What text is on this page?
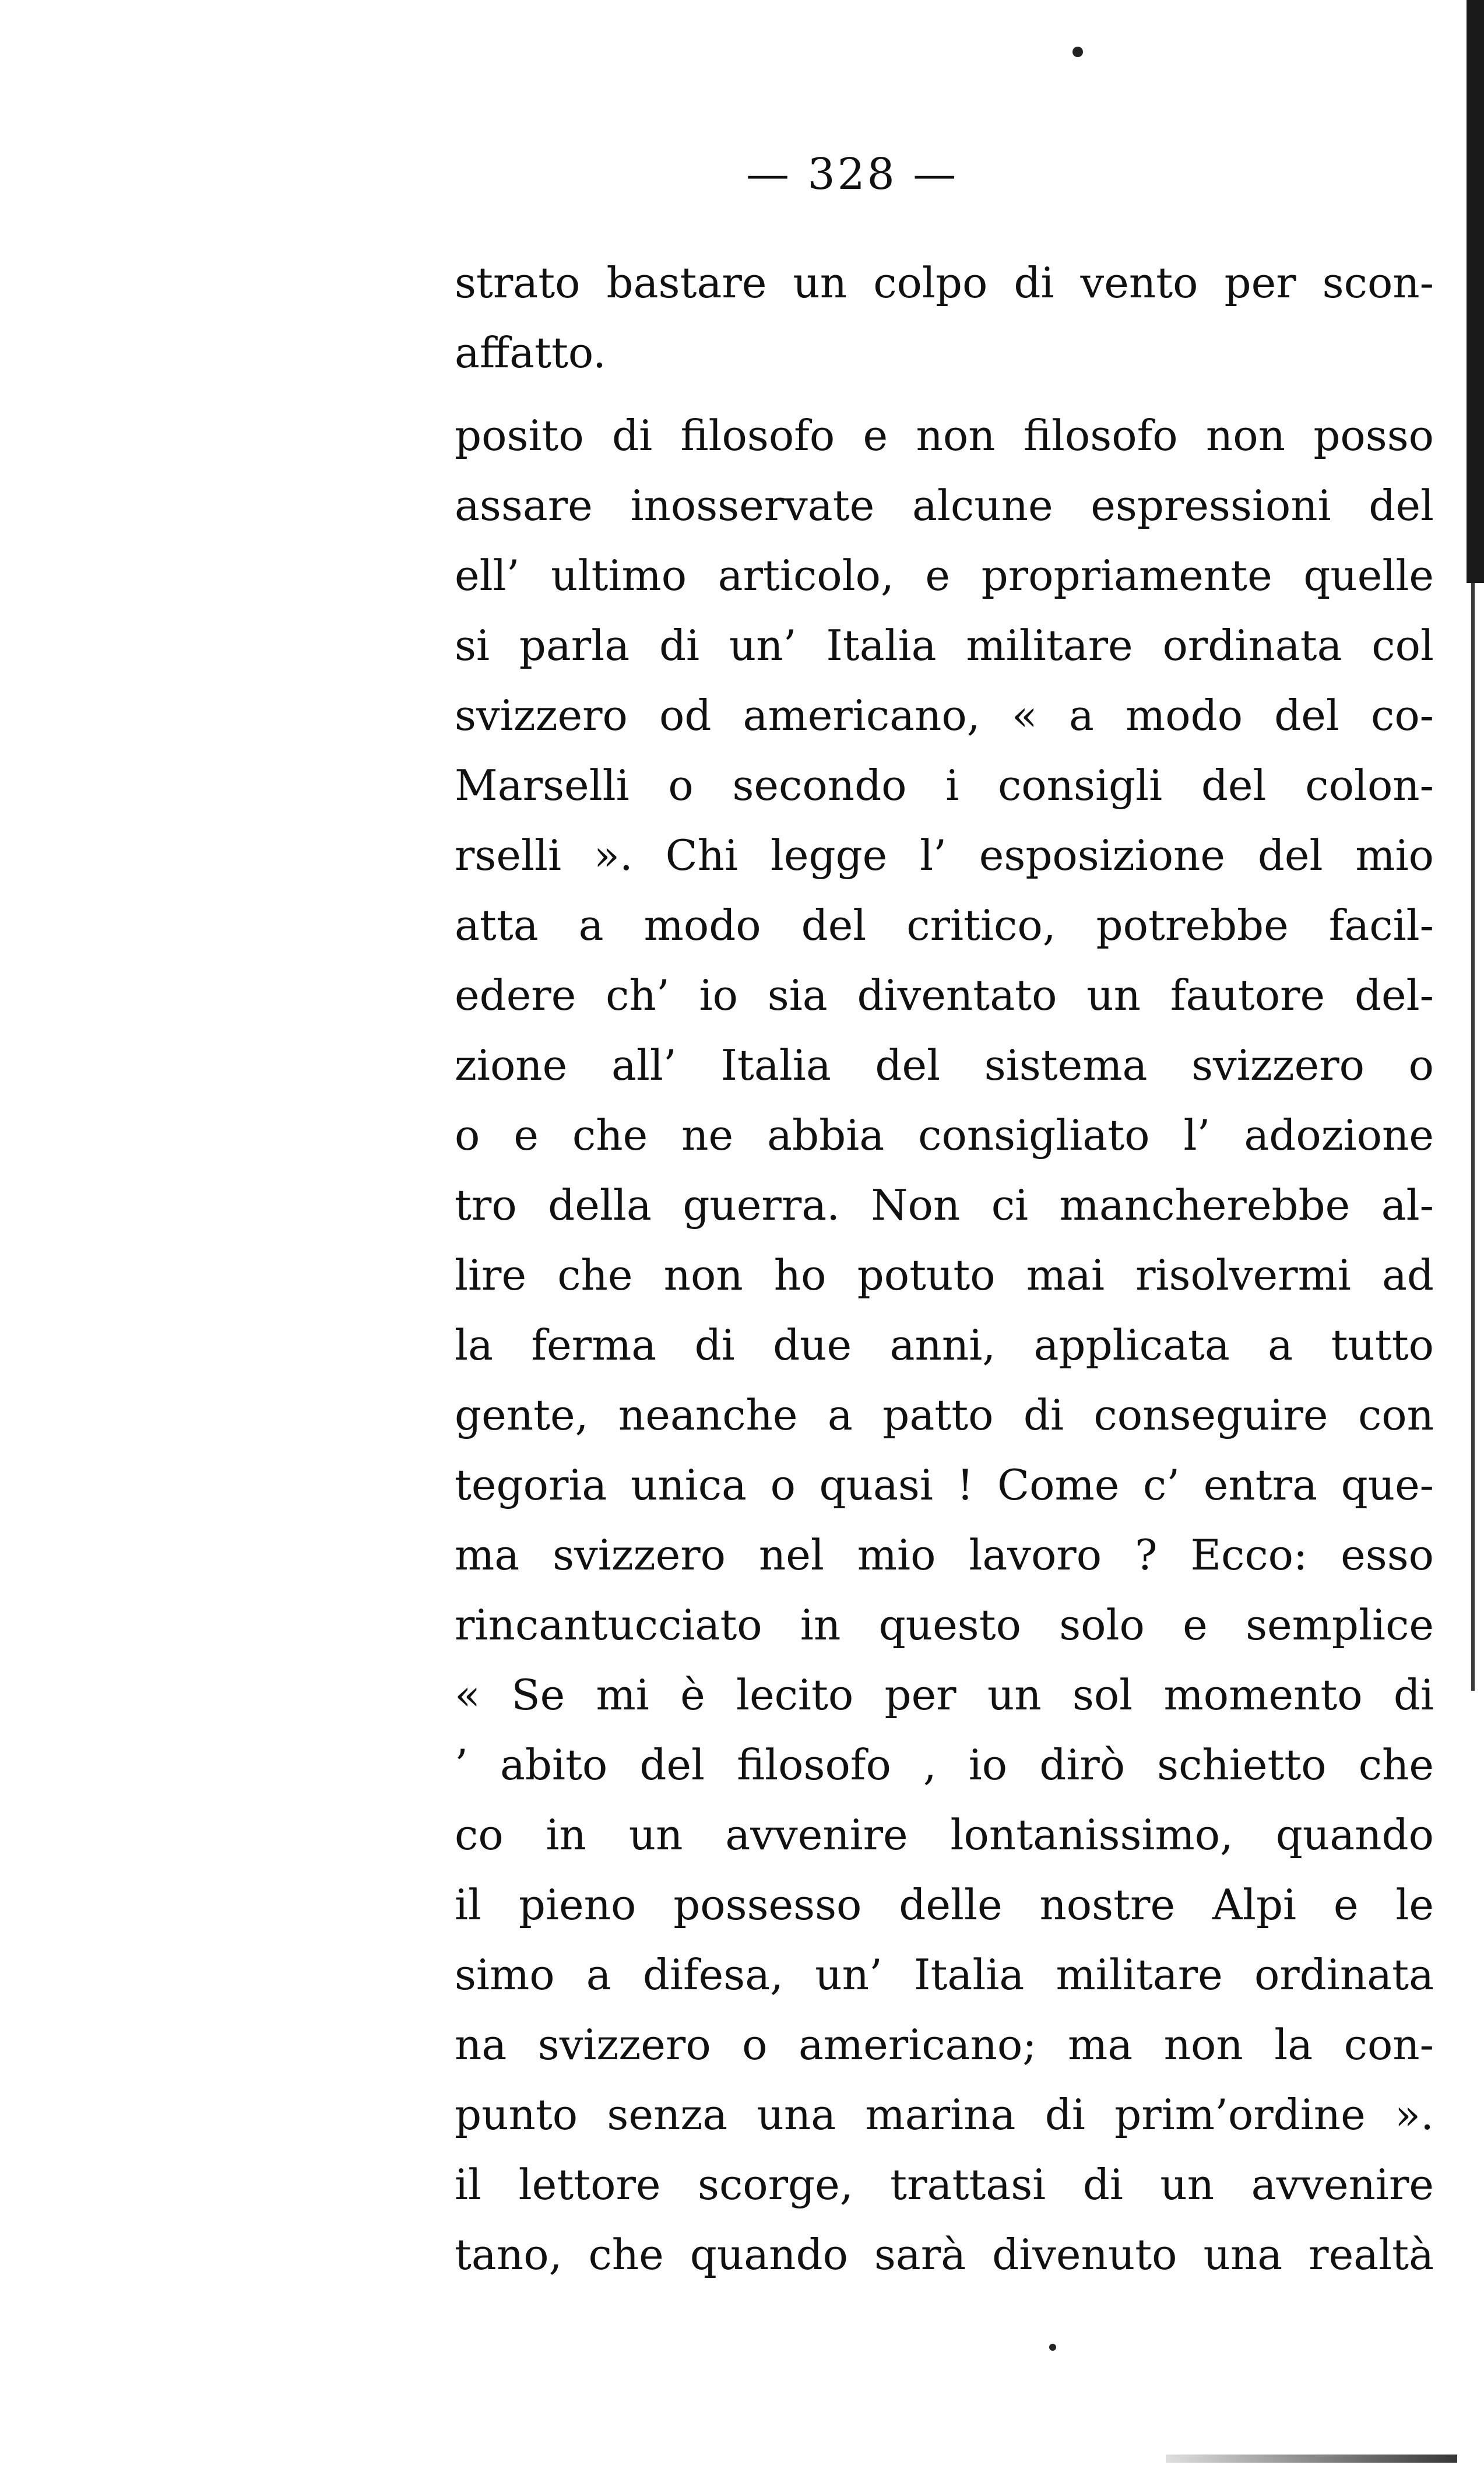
— 328 —
strato bastare un colpo di vento per scon-
affatto.
posito di filosofo e non filosofo non posso
assare inosservate alcune espressioni del
ell’ ultimo articolo, e propriamente quelle
si parla di un’ Italia militare ordinata col
svizzero od americano, « a modo del co-
Marselli o secondo i consigli del colon-
rselli ». Chi legge l’ esposizione del mio
atta a modo del critico, potrebbe facil-
edere ch’ io sia diventato un fautore del-
zione all’ Italia del sistema svizzero o
o e che ne abbia consigliato l’ adozione
tro della guerra. Non ci mancherebbe al-
lire che non ho potuto mai risolvermi ad
la ferma di due anni, applicata a tutto
gente, neanche a patto di conseguire con
tegoria unica o quasi ! Come c’ entra que-
ma svizzero nel mio lavoro ? Ecco: esso
rincantucciato in questo solo e semplice
« Se mi è lecito per un sol momento di
’ abito del filosofo , io dirò schietto che
co in un avvenire lontanissimo, quando
il pieno possesso delle nostre Alpi e le
simo a difesa, un’ Italia militare ordinata
na svizzero o americano; ma non la con-
punto senza una marina di prim’ordine ».
il lettore scorge, trattasi di un avvenire
tano, che quando sarà divenuto una realtà
